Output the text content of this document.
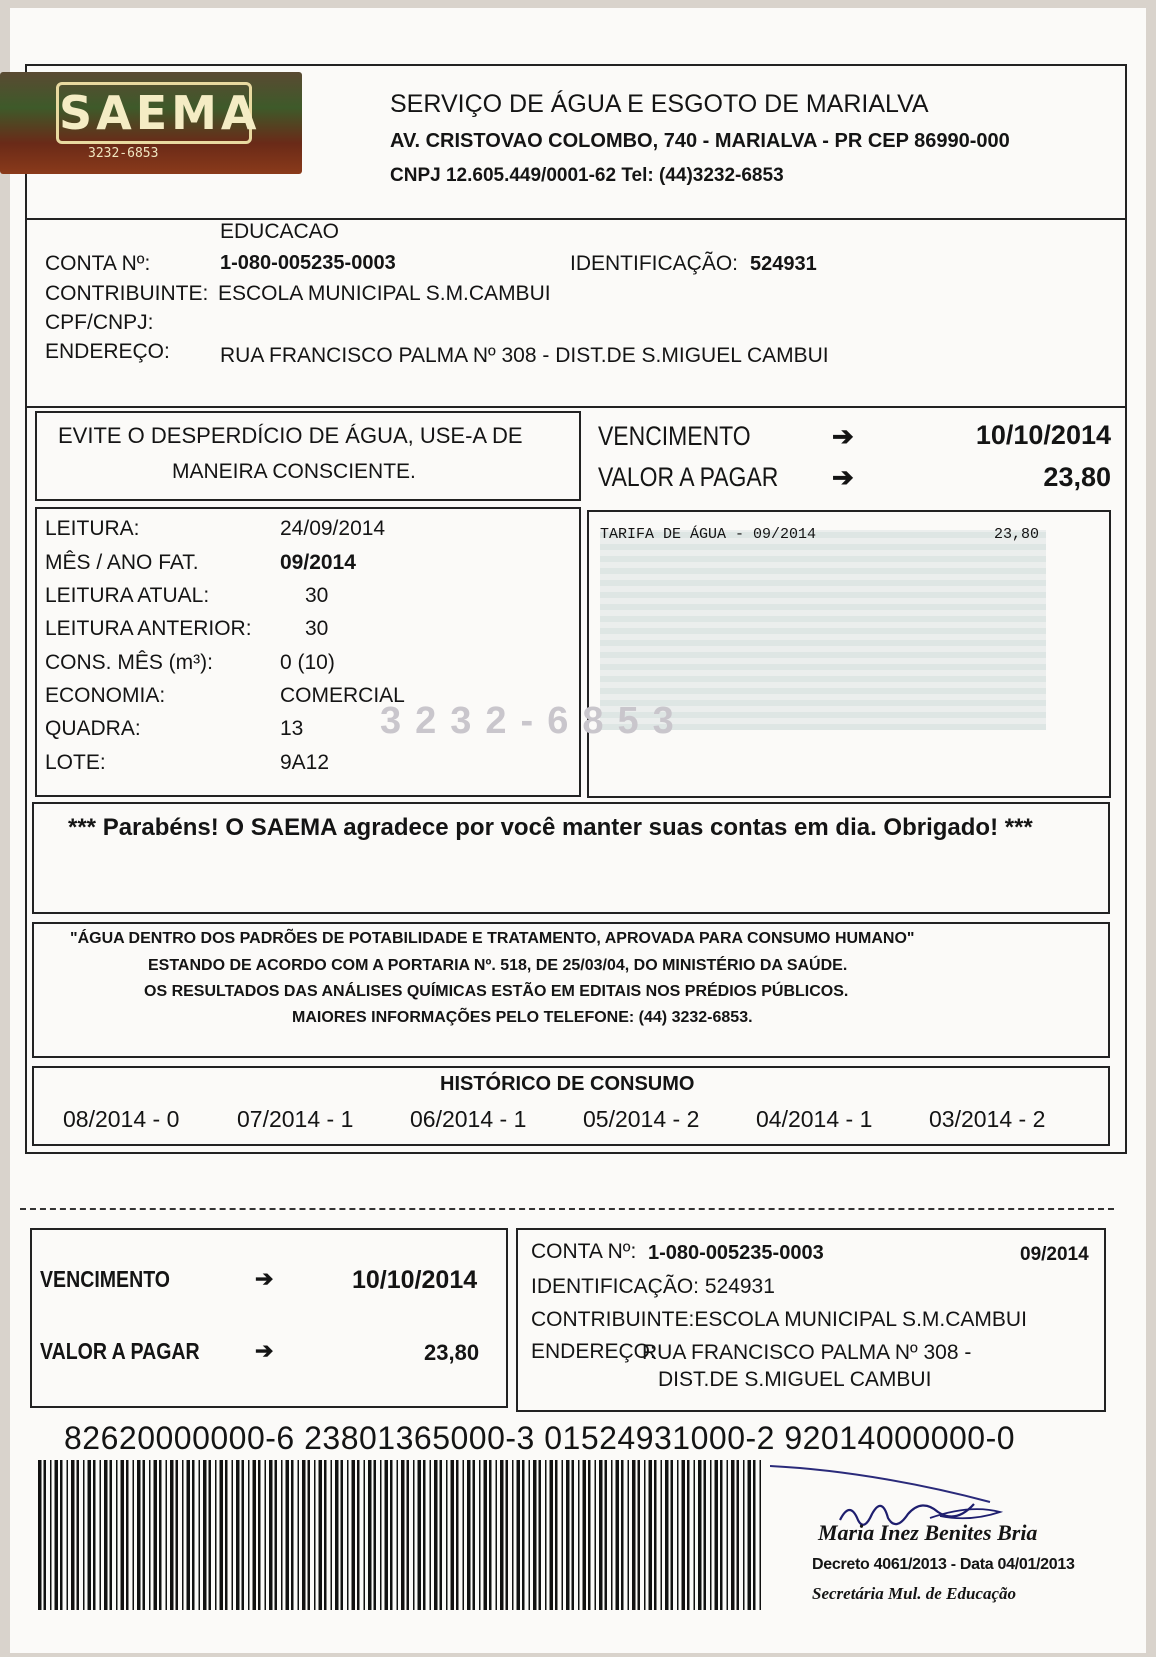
SAEMA
3232-6853
SERVIÇO DE ÁGUA E ESGOTO DE MARIALVA
AV. CRISTOVAO COLOMBO, 740 - MARIALVA - PR CEP 86990-000
CNPJ 12.605.449/0001-62 Tel: (44)3232-6853
EDUCACAO
CONTA Nº:	1-080-005235-0003	IDENTIFICAÇÃO: 524931
CONTRIBUINTE: ESCOLA MUNICIPAL S.M.CAMBUI
CPF/CNPJ:
ENDEREÇO: RUA FRANCISCO PALMA Nº 308 - DIST.DE S.MIGUEL CAMBUI
EVITE O DESPERDÍCIO DE ÁGUA, USE-A DE
MANEIRA CONSCIENTE.
VENCIMENTO	➔	10/10/2014
VALOR A PAGAR ➔	23,80
LEITURA:	24/09/2014
MÊS / ANO FAT.	09/2014
LEITURA ATUAL:	30
LEITURA ANTERIOR:	30
CONS. MÊS (m³):	0 (10)
ECONOMIA:	COMERCIAL
QUADRA:	13
LOTE:	9A12
3232-6853
TARIFA DE ÁGUA - 09/2014	23,80
*** Parabéns! O SAEMA agradece por você manter suas contas em dia. Obrigado! ***
"ÁGUA DENTRO DOS PADRÕES DE POTABILIDADE E TRATAMENTO, APROVADA PARA CONSUMO HUMANO"
ESTANDO DE ACORDO COM A PORTARIA Nº. 518, DE 25/03/04, DO MINISTÉRIO DA SAÚDE.
OS RESULTADOS DAS ANÁLISES QUÍMICAS ESTÃO EM EDITAIS NOS PRÉDIOS PÚBLICOS.
MAIORES INFORMAÇÕES PELO TELEFONE: (44) 3232-6853.
HISTÓRICO DE CONSUMO
08/2014 - 0	07/2014 - 1 06/2014 - 1 05/2014 - 2 04/2014 - 1 03/2014 - 2
VENCIMENTO	➔	10/10/2014
VALOR A PAGAR	➔	23,80
CONTA Nº: 1-080-005235-0003	09/2014
IDENTIFICAÇÃO: 524931
CONTRIBUINTE:ESCOLA MUNICIPAL S.M.CAMBUI
ENDEREÇO:
RUA FRANCISCO PALMA Nº 308 -
DIST.DE S.MIGUEL CAMBUI
82620000000-6 23801365000-3 01524931000-2 92014000000-0
Maria Inez Benites Bria
Decreto 4061/2013 - Data 04/01/2013
Secretária Mul. de Educação
